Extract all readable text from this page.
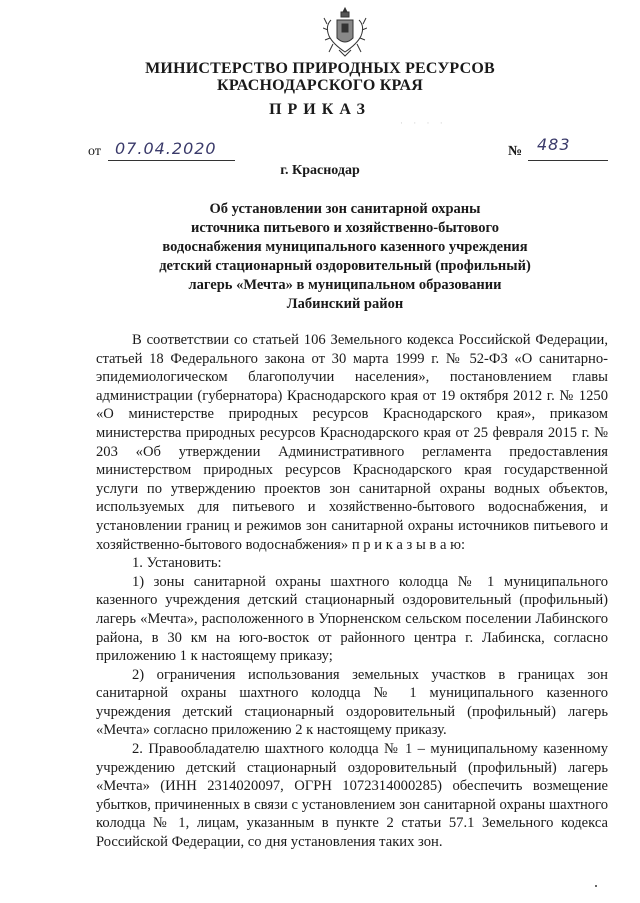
МИНИСТЕРСТВО ПРИРОДНЫХ РЕСУРСОВ
КРАСНОДАРСКОГО КРАЯ
ПРИКАЗ
· · · ·
от 07.04.2020	№ 483
г. Краснодар
Об установлении зон санитарной охраны
источника питьевого и хозяйственно-бытового
водоснабжения муниципального казенного учреждения
детский стационарный оздоровительный (профильный)
лагерь «Мечта» в муниципальном образовании
Лабинский район

В соответствии со статьей 106 Земельного кодекса Российской Федерации, статьей 18 Федерального закона от 30 марта 1999 г. № 52-ФЗ «О санитарно-эпидемиологическом благополучии населения», постановлением главы администрации (губернатора) Краснодарского края от 19 октября 2012 г. № 1250 «О министерстве природных ресурсов Краснодарского края», приказом министерства природных ресурсов Краснодарского края от 25 февраля 2015 г. № 203 «Об утверждении Административного регламента предоставления министерством природных ресурсов Краснодарского края государственной услуги по утверждению проектов зон санитарной охраны водных объектов, используемых для питьевого и хозяйственно-бытового водоснабжения, и установлении границ и режимов зон санитарной охраны источников питьевого и хозяйственно-бытового водоснабжения» п р и к а з ы в а ю:

1. Установить:

1) зоны санитарной охраны шахтного колодца № 1 муниципального казенного учреждения детский стационарный оздоровительный (профильный) лагерь «Мечта», расположенного в Упорненском сельском поселении Лабинского района, в 30 км на юго-восток от районного центра г. Лабинска, согласно приложению 1 к настоящему приказу;

2) ограничения использования земельных участков в границах зон санитарной охраны шахтного колодца № 1 муниципального казенного учреждения детский стационарный оздоровительный (профильный) лагерь «Мечта» согласно приложению 2 к настоящему приказу.

2. Правообладателю шахтного колодца № 1 – муниципальному казенному учреждению детский стационарный оздоровительный (профильный) лагерь «Мечта» (ИНН 2314020097, ОГРН 1072314000285) обеспечить возмещение убытков, причиненных в связи с установлением зон санитарной охраны шахтного колодца № 1, лицам, указанным в пункте 2 статьи 57.1 Земельного кодекса Российской Федерации, со дня установления таких зон.
